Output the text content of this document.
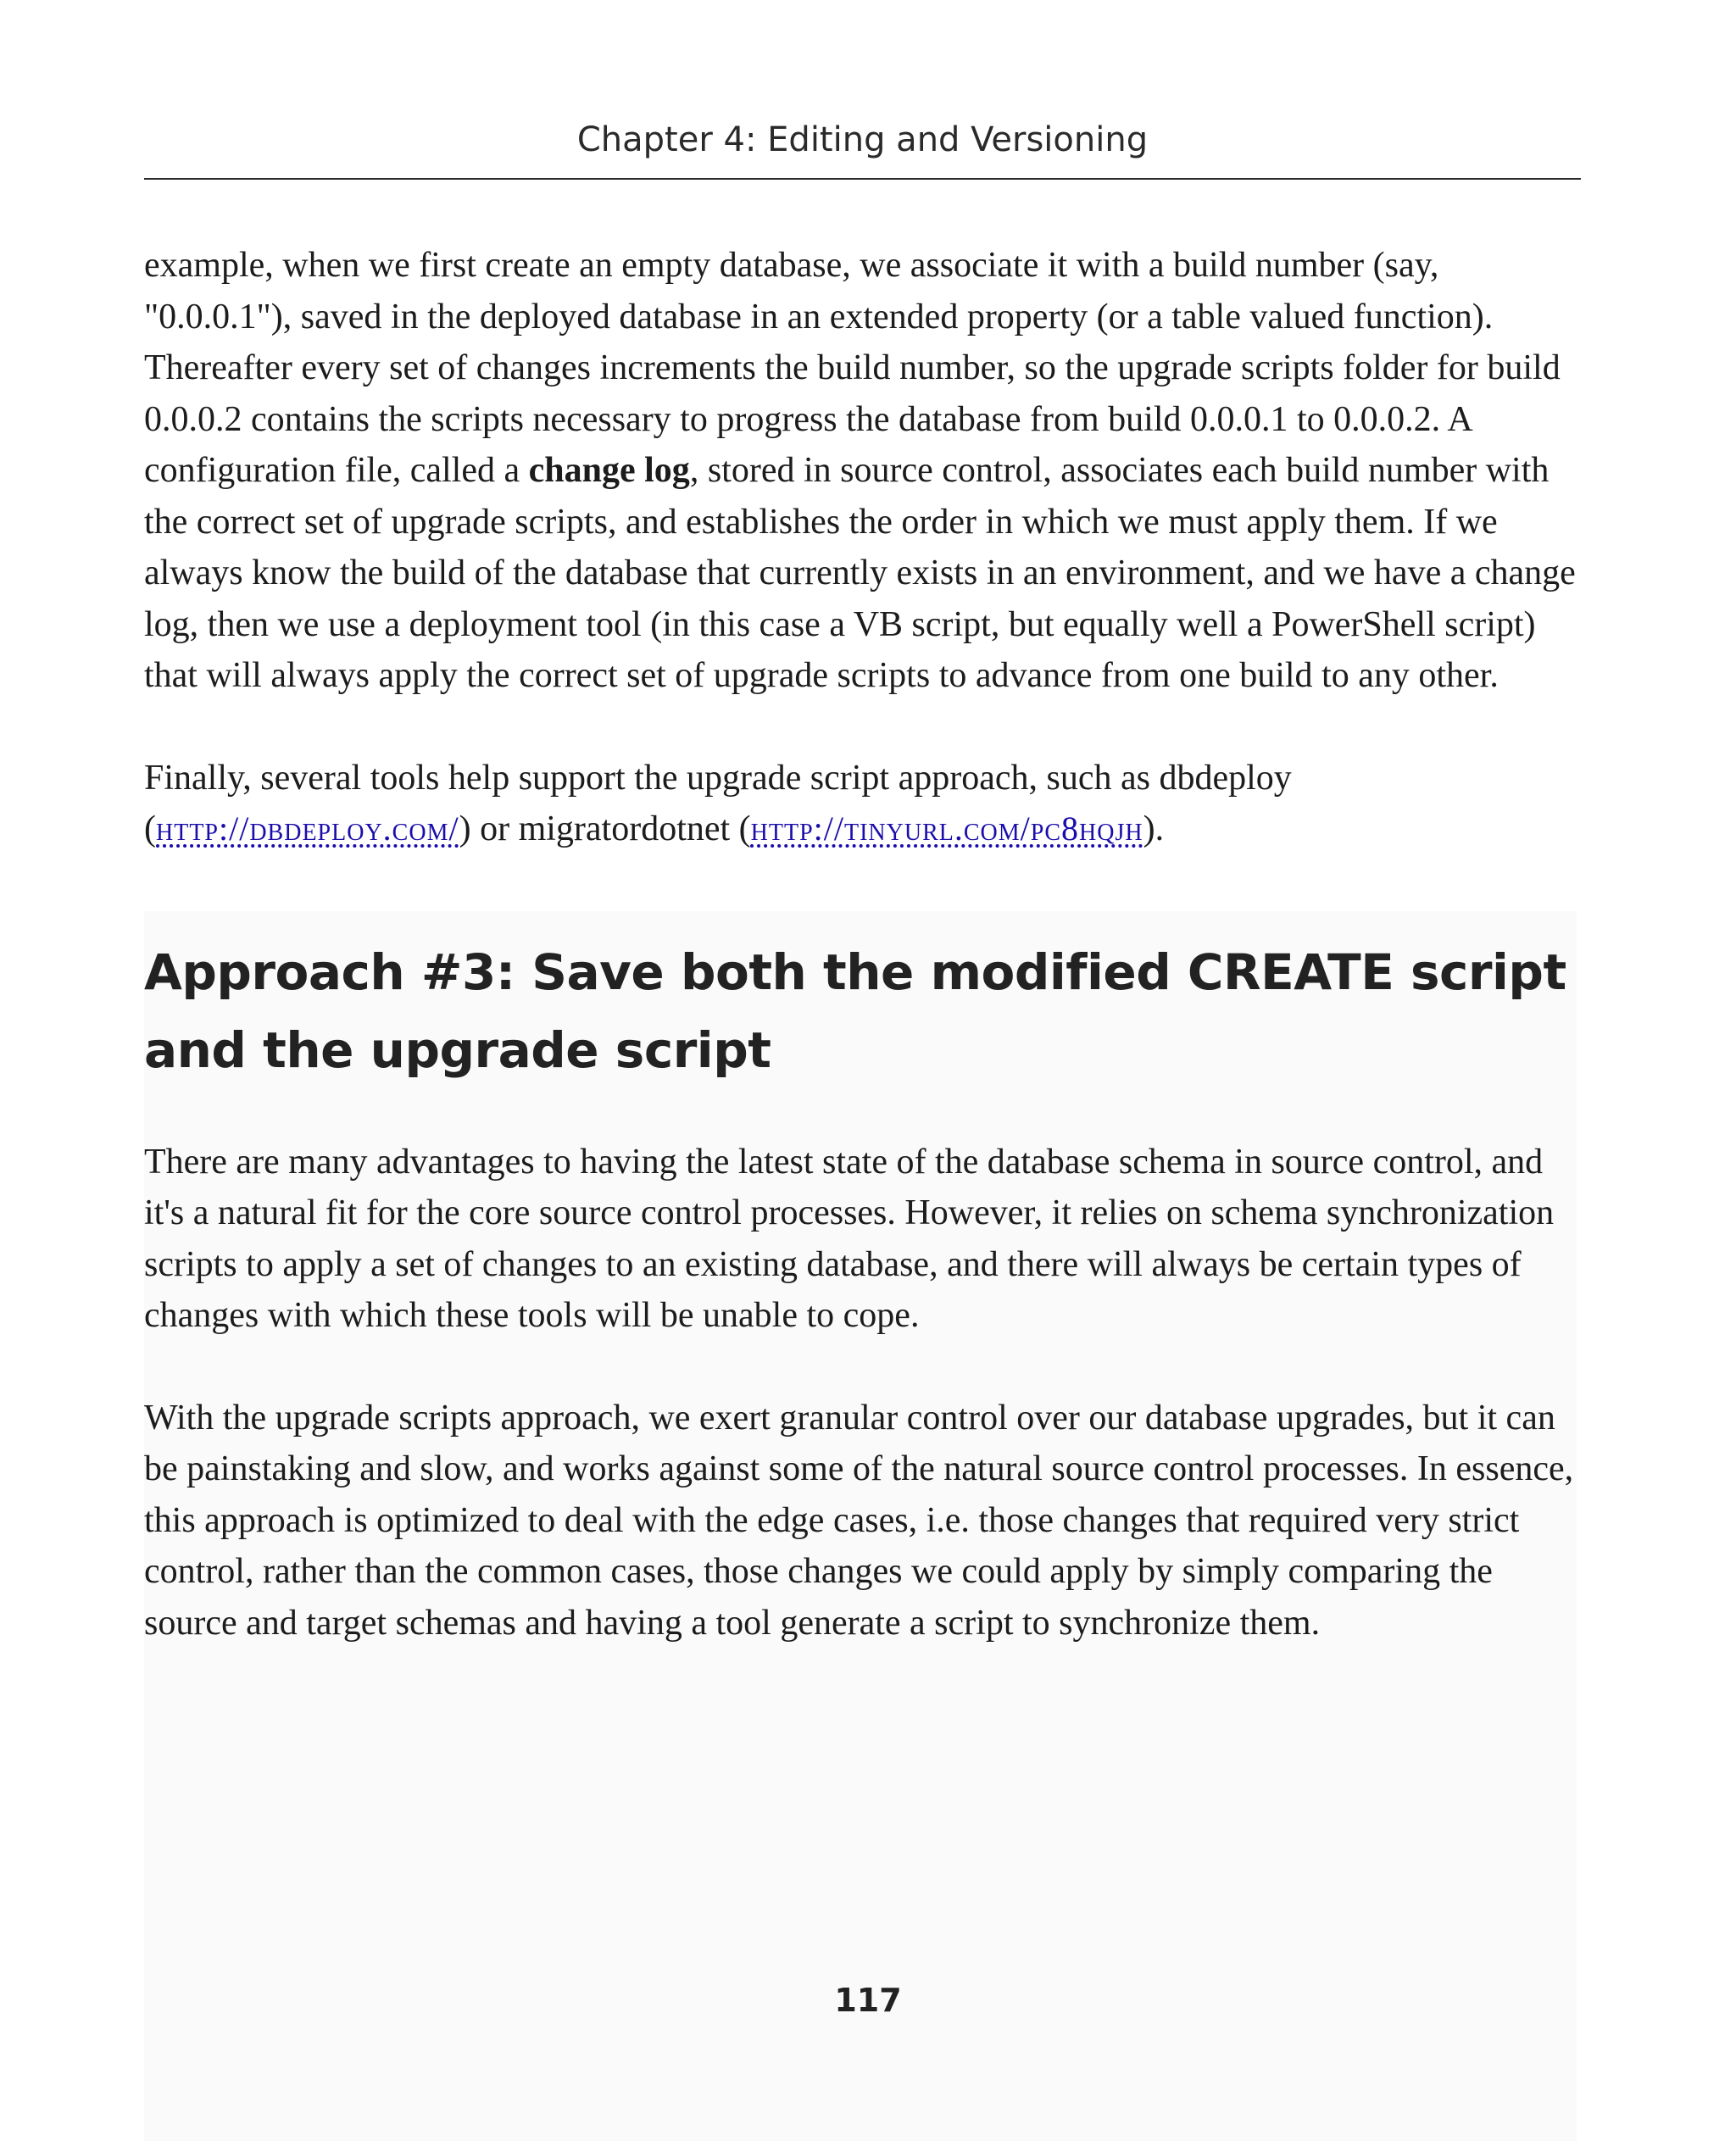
Chapter 4: Editing and Versioning

example, when we first create an empty database, we associate it with a build number (say, "0.0.0.1"), saved in the deployed database in an extended property (or a table valued function). Thereafter every set of changes increments the build number, so the upgrade scripts folder for build 0.0.0.2 contains the scripts necessary to progress the database from build 0.0.0.1 to 0.0.0.2. A configuration file, called a change log, stored in source control, associates each build number with the correct set of upgrade scripts, and establishes the order in which we must apply them. If we always know the build of the database that currently exists in an environment, and we have a change log, then we use a deployment tool (in this case a VB script, but equally well a PowerShell script) that will always apply the correct set of upgrade scripts to advance from one build to any other.

Finally, several tools help support the upgrade script approach, such as dbdeploy (http://dbdeploy.com/) or migratordotnet (http://tinyurl.com/pc8hqjh).

Approach #3: Save both the modified CREATE script and the upgrade script

There are many advantages to having the latest state of the database schema in source control, and it's a natural fit for the core source control processes. However, it relies on schema synchronization scripts to apply a set of changes to an existing database, and there will always be certain types of changes with which these tools will be unable to cope.

With the upgrade scripts approach, we exert granular control over our database upgrades, but it can be painstaking and slow, and works against some of the natural source control processes. In essence, this approach is optimized to deal with the edge cases, i.e. those changes that required very strict control, rather than the common cases, those changes we could apply by simply comparing the source and target schemas and having a tool generate a script to synchronize them.

117
